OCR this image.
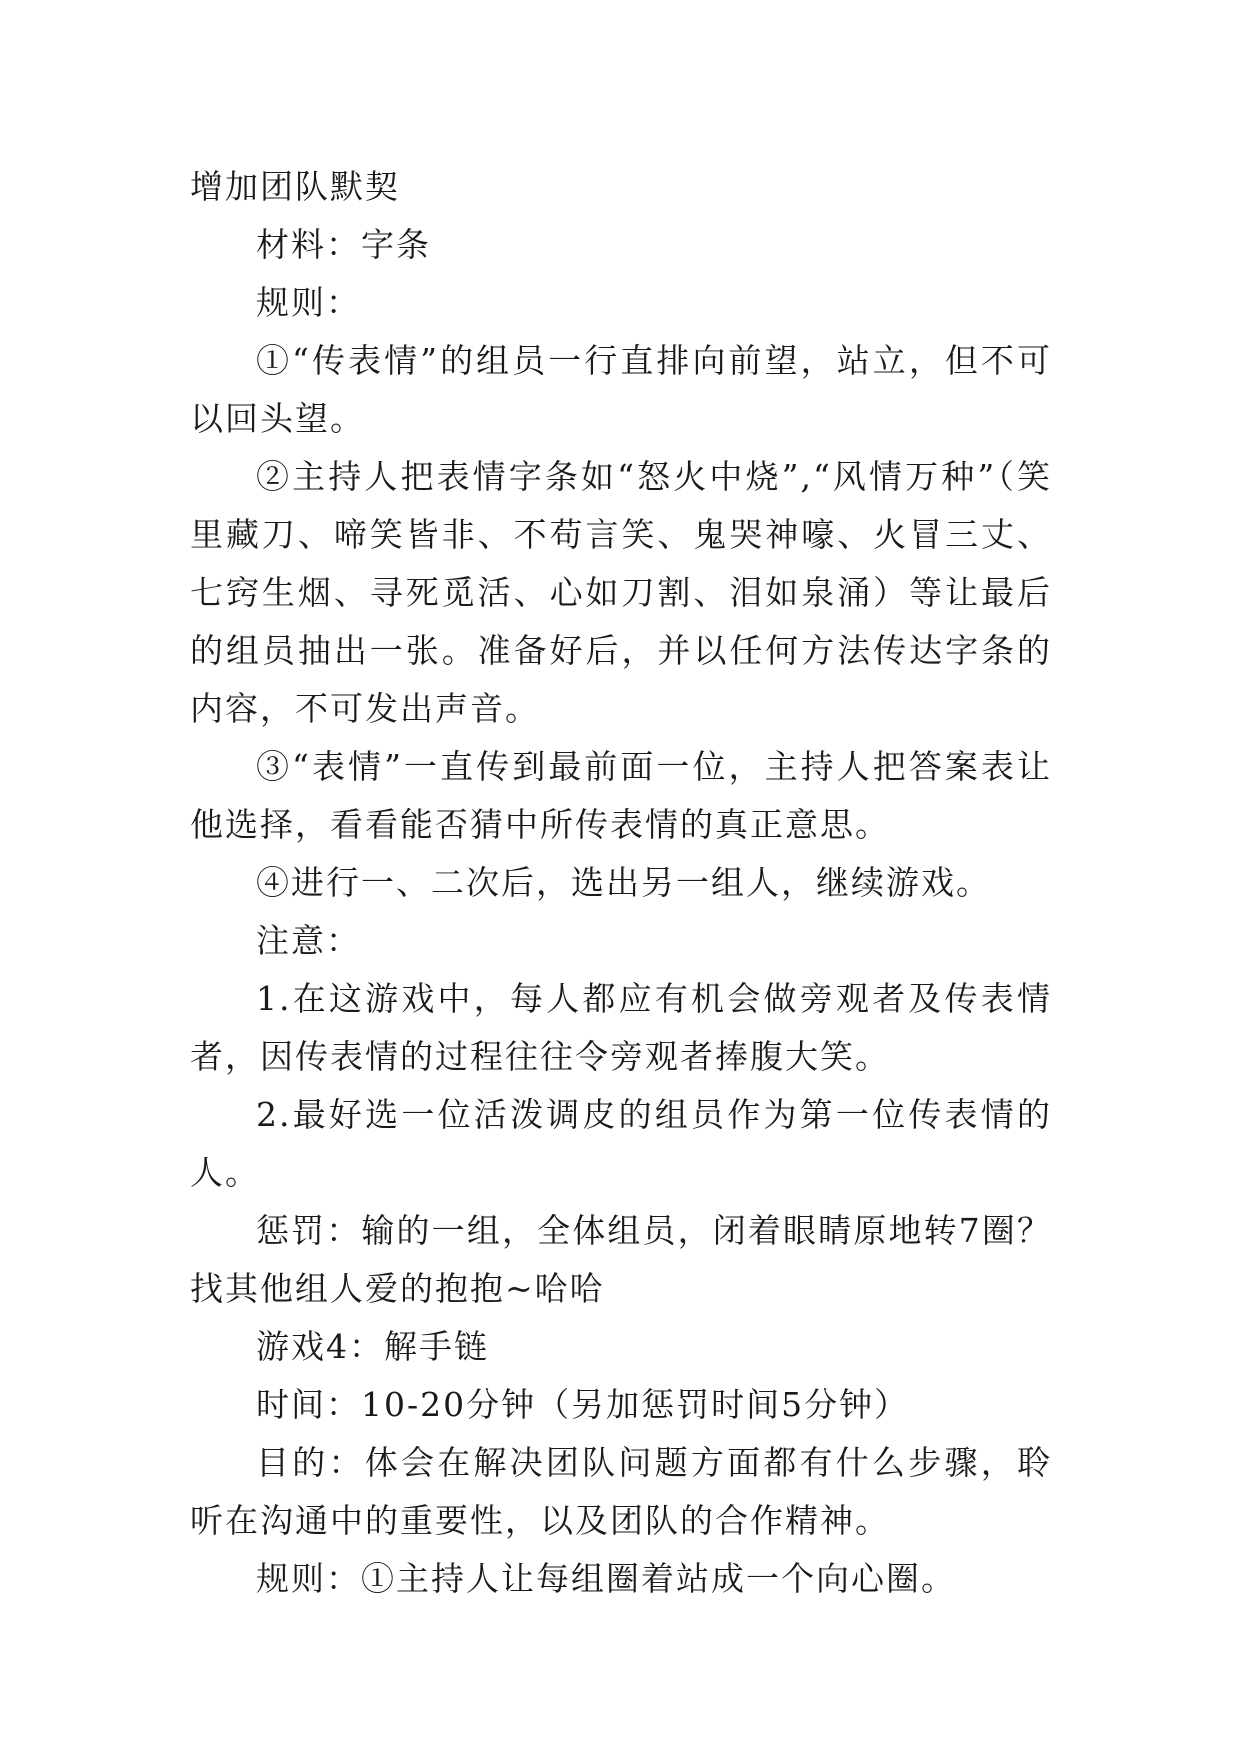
增加团队默契

材料：字条

规则：

①“传表情”的组员一行直排向前望，站立，但不可以回头望。

②主持人把表情字条如“怒火中烧”,“风情万种”（笑里藏刀、啼笑皆非、不苟言笑、鬼哭神嚎、火冒三丈、七窍生烟、寻死觅活、心如刀割、泪如泉涌）等让最后的组员抽出一张。准备好后，并以任何方法传达字条的内容，不可发出声音。

③“表情”一直传到最前面一位，主持人把答案表让他选择，看看能否猜中所传表情的真正意思。

④进行一、二次后，选出另一组人，继续游戏。

注意：

1.在这游戏中，每人都应有机会做旁观者及传表情者，因传表情的过程往往令旁观者捧腹大笑。

2.最好选一位活泼调皮的组员作为第一位传表情的人。

惩罚：输的一组，全体组员，闭着眼睛原地转7圈？找其他组人爱的抱抱~哈哈

游戏4：解手链

时间：10-20分钟（另加惩罚时间5分钟）

目的：体会在解决团队问题方面都有什么步骤，聆听在沟通中的重要性，以及团队的合作精神。

规则：①主持人让每组圈着站成一个向心圈。
